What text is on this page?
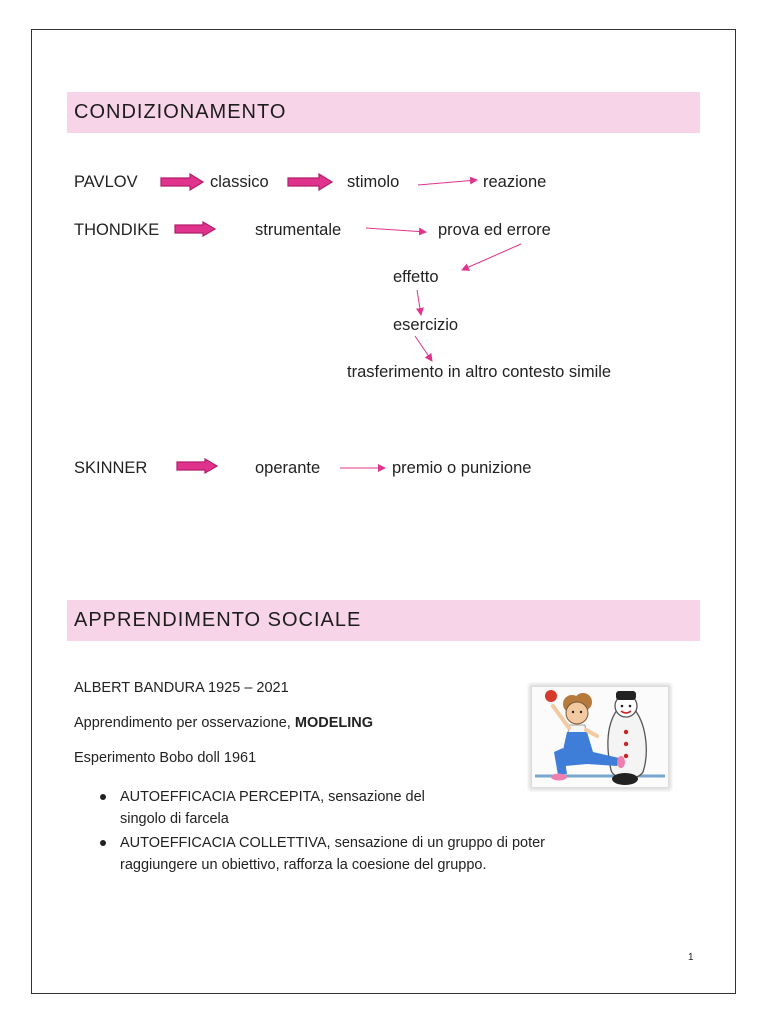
CONDIZIONAMENTO
PAVLOV	classico	stimolo	reazione
THONDIKE	strumentale	prova ed errore
effetto
esercizio
trasferimento in altro contesto simile
SKINNER	operante	premio o punizione
APPRENDIMENTO SOCIALE
ALBERT BANDURA 1925 – 2021
Apprendimento per osservazione, MODELING
Esperimento Bobo doll 1961
AUTOEFFICACIA PERCEPITA, sensazione del
singolo di farcela
AUTOEFFICACIA COLLETTIVA, sensazione di un gruppo di poter
raggiungere un obiettivo, rafforza la coesione del gruppo.
1
